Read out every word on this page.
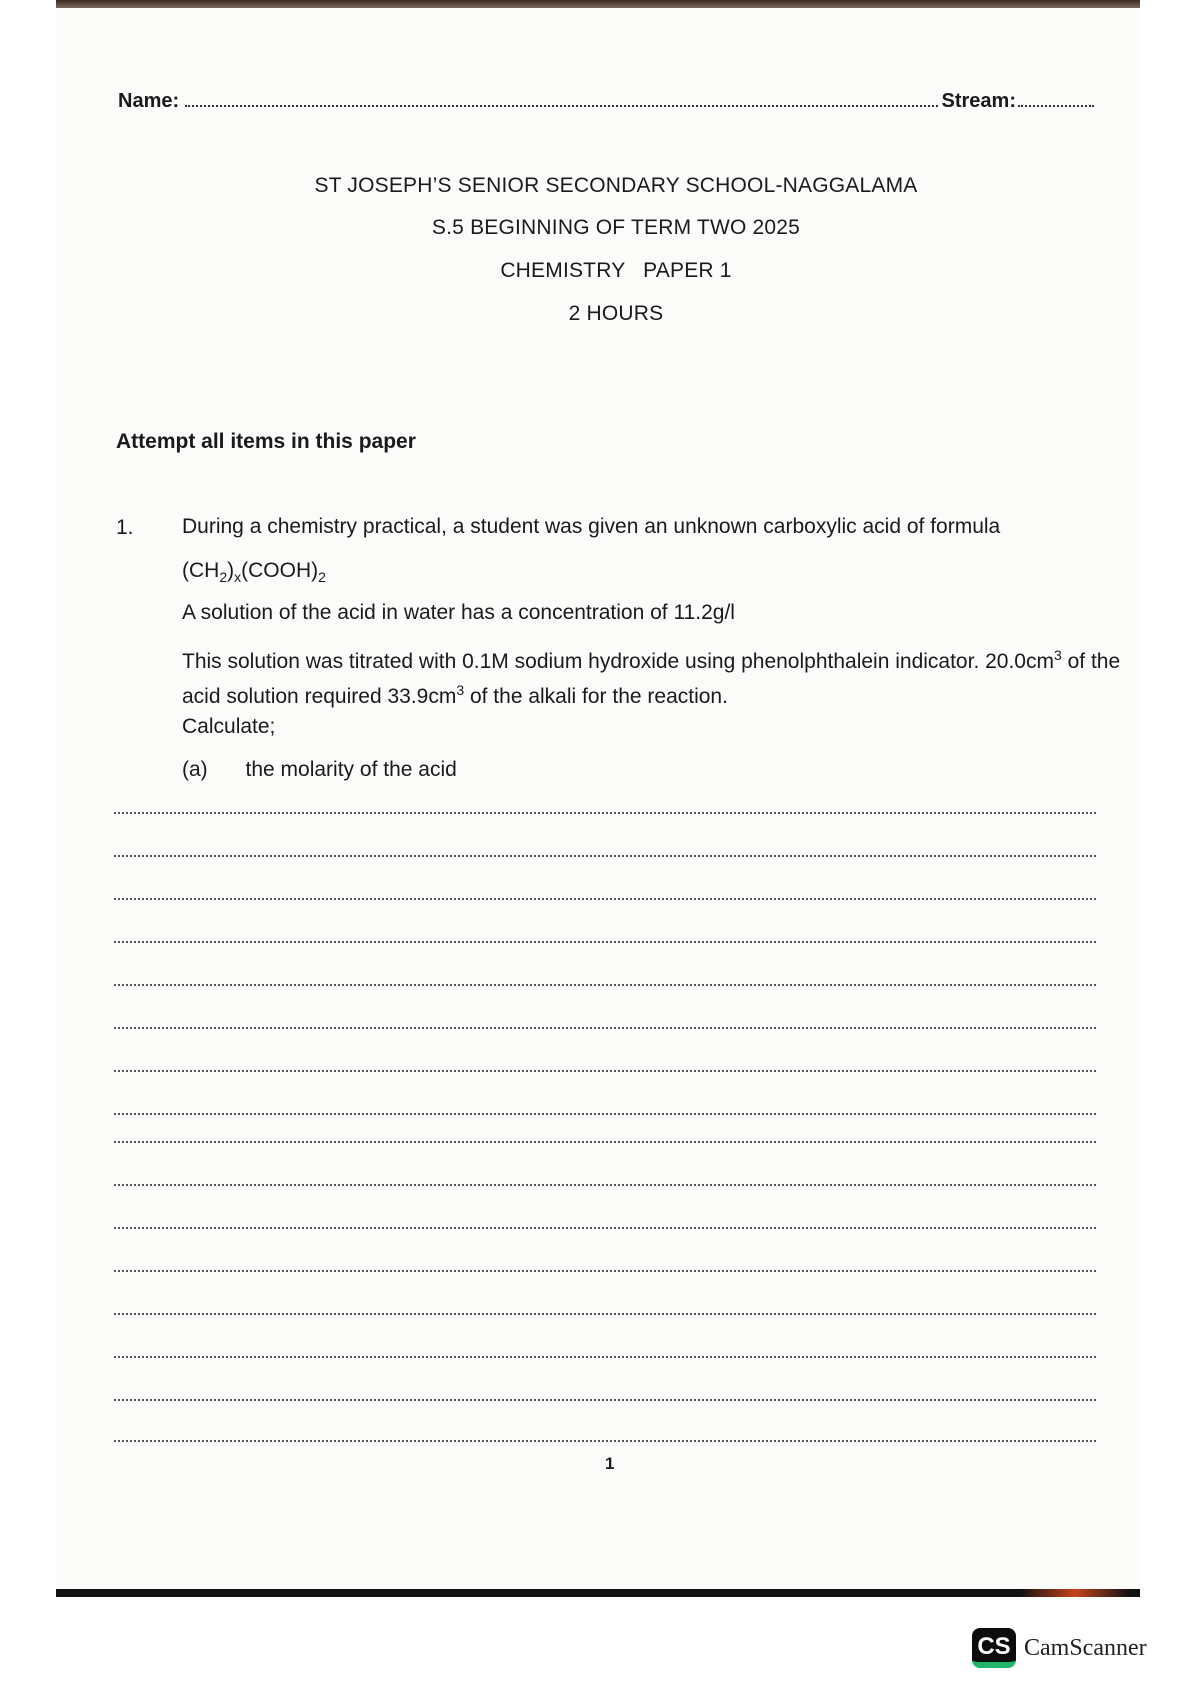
Name:	Stream:
ST JOSEPH’S SENIOR SECONDARY SCHOOL-NAGGALAMA
S.5 BEGINNING OF TERM TWO 2025
CHEMISTRY   PAPER 1
2 HOURS
Attempt all items in this paper
1. During a chemistry practical, a student was given an unknown carboxylic acid of formula
$(CH_2)_x(COOH)_2$
A solution of the acid in water has a concentration of 11.2g/l
This solution was titrated with 0.1M sodium hydroxide using phenolphthalein indicator. $20.0cm^3$ of the acid solution required $33.9cm^3$ of the alkali for the reaction.
Calculate;
(a) the molarity of the acid
1
CS CamScanner
